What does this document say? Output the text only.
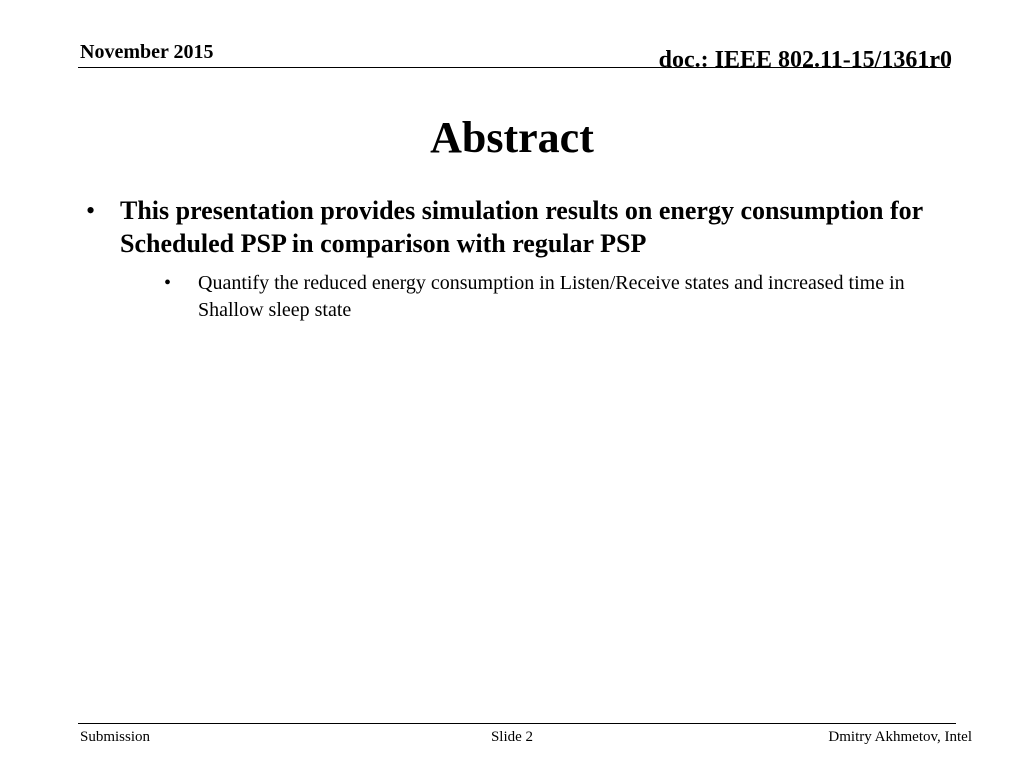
November 2015	doc.: IEEE 802.11-15/1361r0
Abstract
• This presentation provides simulation results on energy consumption for Scheduled PSP in comparison with regular PSP
• Quantify the reduced energy consumption in Listen/Receive states and increased time in Shallow sleep state
Submission	Slide 2	Dmitry Akhmetov, Intel
